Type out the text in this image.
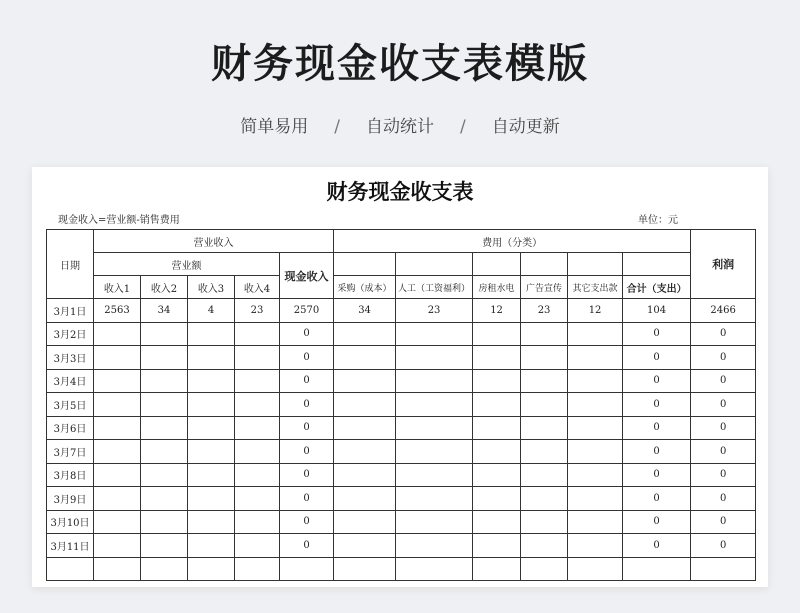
财务现金收支表模版
简单易用 / 自动统计 / 自动更新
财务现金收支表
现金收入=营业额-销售费用	单位：元
日期	营业收入					费用（分类）						利润
	营业额				现金收入							
	收入1	收入2	收入3	收入4		采购（成本）	人工（工资福利）	房租水电	广告宣传	其它支出款	合计（支出）	
3月1日	2563	34	4	23	2570	34	23	12	23	12	104	2466
3月2日					0						0	0
3月3日					0						0	0
3月4日					0						0	0
3月5日					0						0	0
3月6日					0						0	0
3月7日					0						0	0
3月8日					0						0	0
3月9日					0						0	0
3月10日					0						0	0
3月11日					0						0	0
